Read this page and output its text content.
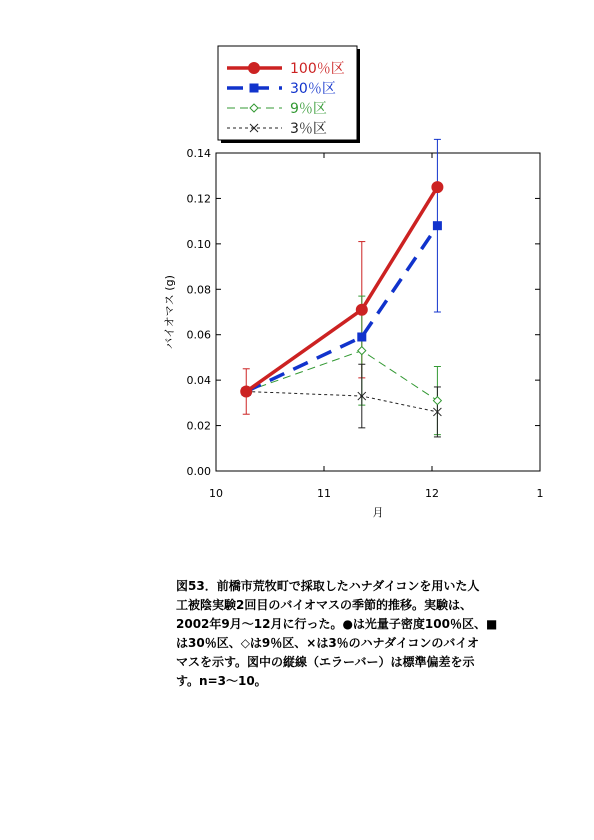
100％区
30％区
9％区
3％区
0.00
0.02
0.04
0.06
0.08
0.10
0.12
0.14
10	11	12	1
バイオマス (g)
月

図53．前橋市荒牧町で採取したハナダイコンを用いた人
工被陰実験2回目のバイオマスの季節的推移。実験は、
2002年9月～12月に行った。●は光量子密度100％区、■
は30％区、◇は9％区、×は3％のハナダイコンのバイオ
マスを示す。図中の縦線（エラーバー）は標準偏差を示
す。n=3～10。
